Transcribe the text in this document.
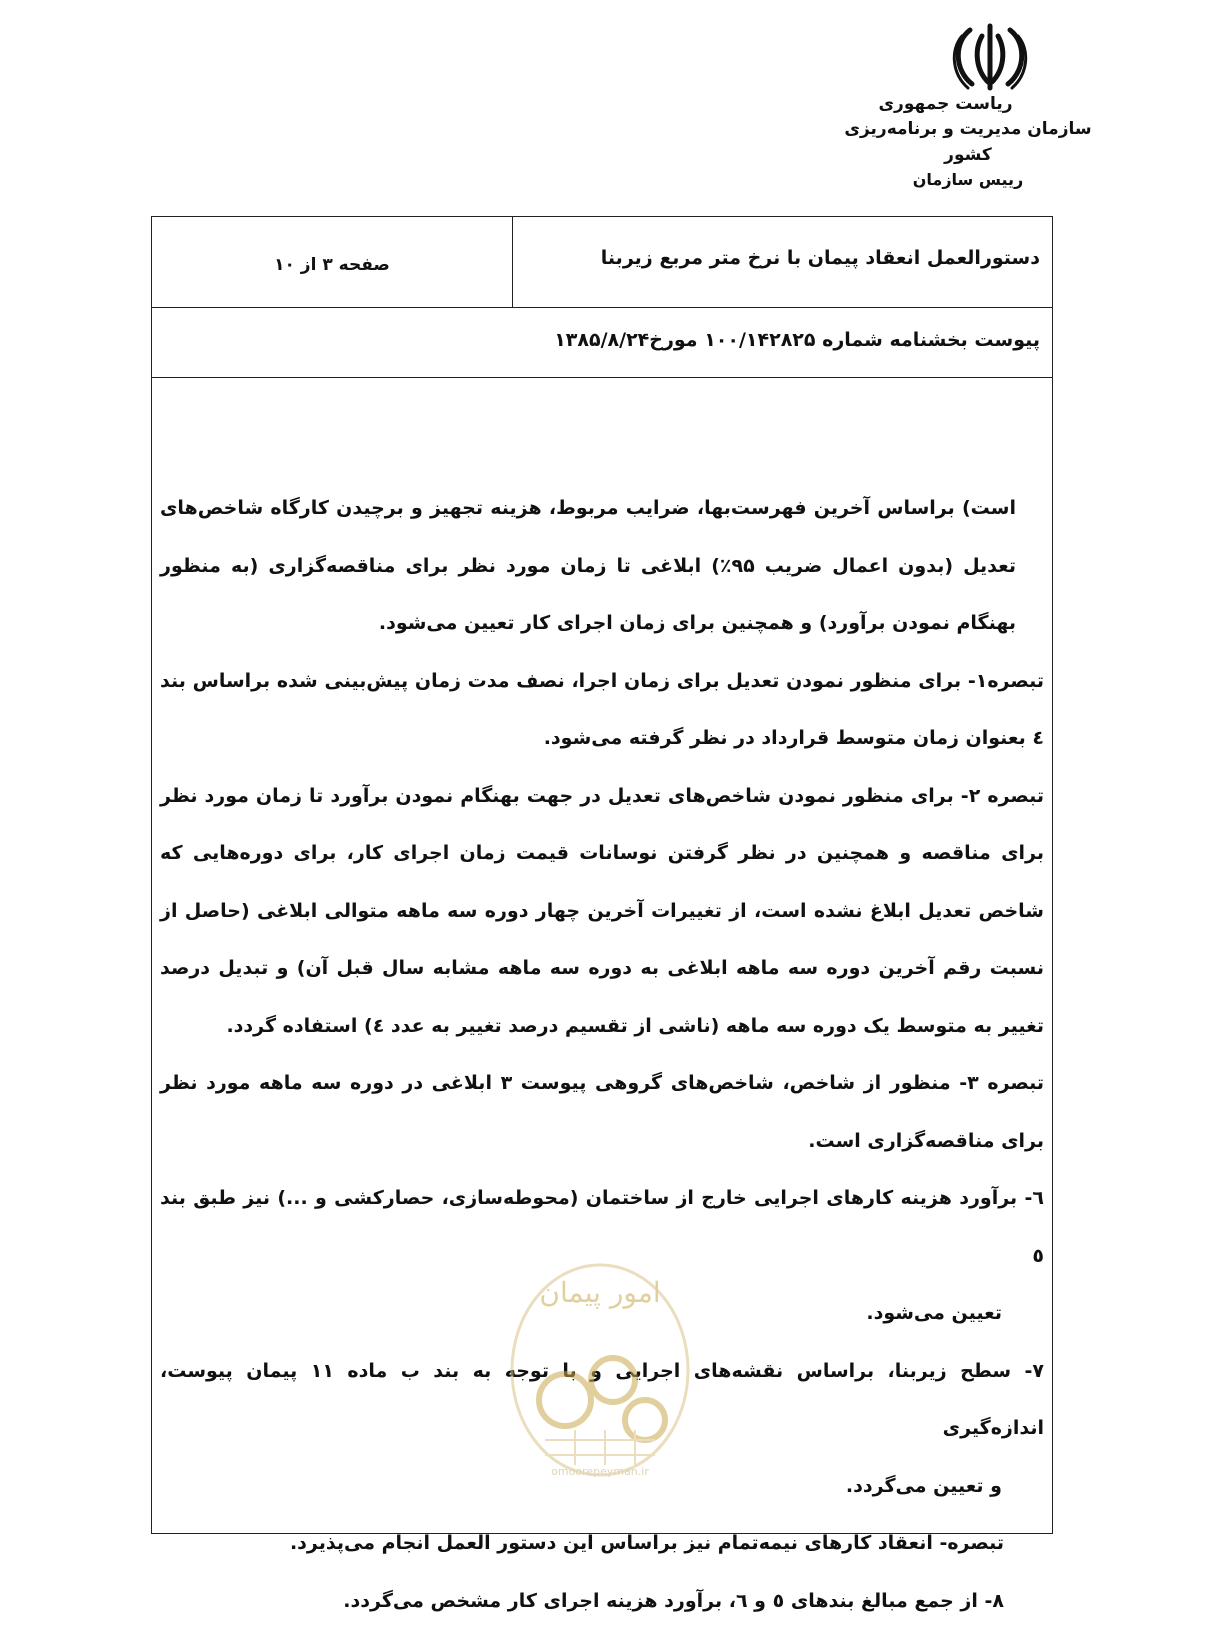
ریاست جمهوری
سازمان مدیریت و برنامه‌ریزی کشور
رییس سازمان
دستورالعمل انعقاد پیمان با نرخ متر مربع زیربنا
صفحه ۳ از ۱۰
پیوست بخشنامه شماره ۱۰۰/۱۴۲۸۲۵ مورخ۱۳۸۵/۸/۲۴

است) براساس آخرین فهرست‌بها، ضرایب مربوط، هزینه تجهیز و برچیدن کارگاه شاخص‌های تعدیل (بدون اعمال ضریب ۹۵٪) ابلاغی تا زمان مورد نظر برای مناقصه‌گزاری (به منظور بهنگام نمودن برآورد) و همچنین برای زمان اجرای کار تعیین می‌شود.

تبصره۱- برای منظور نمودن تعدیل برای زمان اجرا، نصف مدت زمان پیش‌بینی شده براساس بند ٤ بعنوان زمان متوسط قرارداد در نظر گرفته می‌شود.

تبصره ۲- برای منظور نمودن شاخص‌های تعدیل در جهت بهنگام نمودن برآورد تا زمان مورد نظر برای مناقصه و همچنین در نظر گرفتن نوسانات قیمت زمان اجرای کار، برای دوره‌هایی که شاخص تعدیل ابلاغ نشده است، از تغییرات آخرین چهار دوره سه ماهه متوالی ابلاغی (حاصل از نسبت رقم آخرین دوره سه ماهه ابلاغی به دوره سه ماهه مشابه سال قبل آن) و تبدیل درصد تغییر به متوسط یک دوره سه ماهه (ناشی از تقسیم درصد تغییر به عدد ٤) استفاده گردد.

تبصره ۳- منظور از شاخص، شاخص‌های گروهی پیوست ۳ ابلاغی در دوره سه ماهه مورد نظر برای مناقصه‌گزاری است.

٦- برآورد هزینه کارهای اجرایی خارج از ساختمان (محوطه‌سازی، حصارکشی و ...) نیز طبق بند ٥
تعیین می‌شود.

۷- سطح زیربنا، براساس نقشه‌های اجرایی و با توجه به بند ب ماده ۱۱ پیمان پیوست، اندازه‌گیری
و تعیین می‌گردد.

تبصره- انعقاد کارهای نیمه‌تمام نیز براساس این دستور العمل انجام می‌پذیرد.

۸- از جمع مبالغ بندهای ٥ و ٦، برآورد هزینه اجرای کار مشخص می‌گردد.

امور پیمان
omoorepeyman.ir
